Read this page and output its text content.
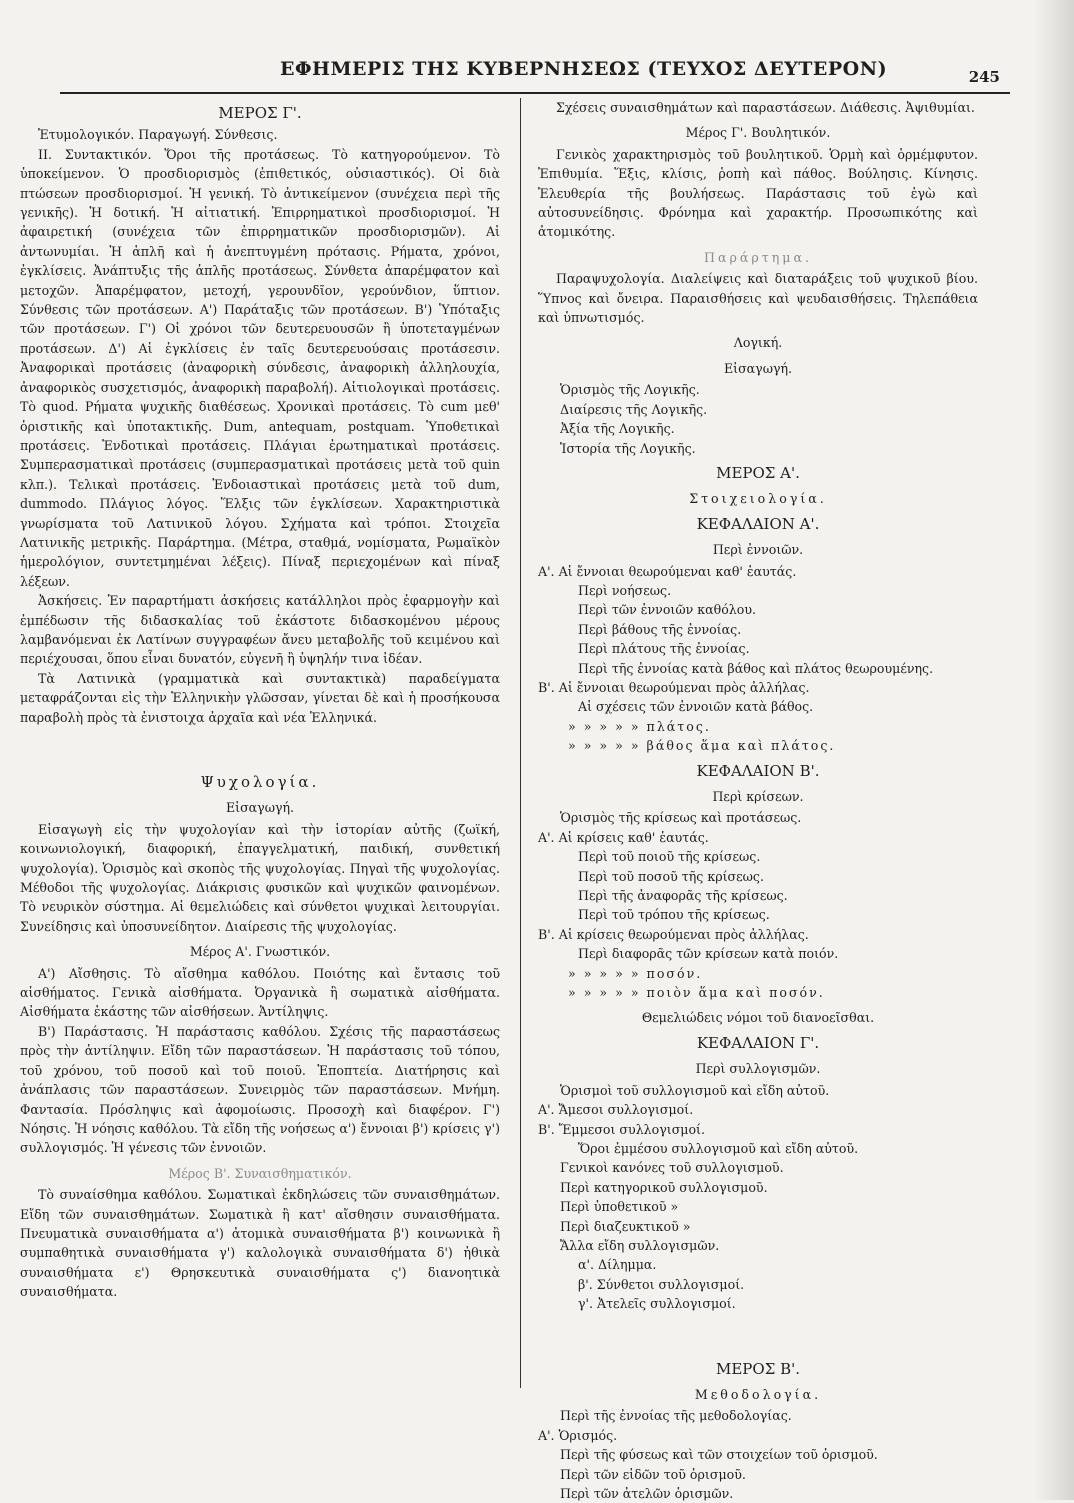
ΕΦΗΜΕΡΙΣ ΤΗΣ ΚΥΒΕΡΝΗΣΕΩΣ (ΤΕΥΧΟΣ ΔΕΥΤΕΡΟΝ)	245
ΜΕΡΟΣ Γ'.

Ἐτυμολογικόν. Παραγωγή. Σύνθεσις.

ΙΙ. Συντακτικόν. Ὅροι τῆς προτάσεως. Τὸ κατηγορούμενον. Τὸ ὑποκείμενον. Ὁ προσδιορισμὸς (ἐπιθετικός, οὐσιαστικός). Οἱ διὰ πτώσεων προσδιορισμοί. Ἡ γενική. Τὸ ἀντικείμενον (συνέχεια περὶ τῆς γενικῆς). Ἡ δοτική. Ἡ αἰτιατική. Ἐπιρρηματικοὶ προσδιορισμοί. Ἡ ἀφαιρετική (συνέχεια τῶν ἐπιρρηματικῶν προσδιορισμῶν). Αἱ ἀντωνυμίαι. Ἡ ἁπλῆ καὶ ἡ ἀνεπτυγμένη πρότασις. Ρήματα, χρόνοι, ἐγκλίσεις. Ἀνάπτυξις τῆς ἁπλῆς προτάσεως. Σύνθετα ἀπαρέμφατον καὶ μετοχῶν. Ἀπαρέμφατον, μετοχή, γερουνδῖον, γερούνδιον, ὕπτιον. Σύνθεσις τῶν προτάσεων. Α') Παράταξις τῶν προτάσεων. Β') Ὑπόταξις τῶν προτάσεων. Γ') Οἱ χρόνοι τῶν δευτερευουσῶν ἢ ὑποτεταγμένων προτάσεων. Δ') Αἱ ἐγκλίσεις ἐν ταῖς δευτερευούσαις προτάσεσιν. Ἀναφορικαὶ προτάσεις (ἀναφορικὴ σύνδεσις, ἀναφορικὴ ἀλληλουχία, ἀναφορικὸς συσχετισμός, ἀναφορικὴ παραβολή). Αἰτιολογικαὶ προτάσεις. Τὸ quod. Ρήματα ψυχικῆς διαθέσεως. Χρονικαὶ προτάσεις. Τὸ cum μεθ' ὁριστικῆς καὶ ὑποτακτικῆς. Dum, antequam, postquam. Ὑποθετικαὶ προτάσεις. Ἐνδοτικαὶ προτάσεις. Πλάγιαι ἐρωτηματικαὶ προτάσεις. Συμπερασματικαὶ προτάσεις (συμπερασματικαὶ προτάσεις μετὰ τοῦ quin κλπ.). Τελικαὶ προτάσεις. Ἐνδοιαστικαὶ προτάσεις μετὰ τοῦ dum, dummodo. Πλάγιος λόγος. Ἕλξις τῶν ἐγκλίσεων. Χαρακτηριστικὰ γνωρίσματα τοῦ Λατινικοῦ λόγου. Σχήματα καὶ τρόποι. Στοιχεῖα Λατινικῆς μετρικῆς. Παράρτημα. (Μέτρα, σταθμά, νομίσματα, Ρωμαϊκὸν ἡμερολόγιον, συντετμημέναι λέξεις). Πίναξ περιεχομένων καὶ πίναξ λέξεων.

Ἀσκήσεις. Ἐν παραρτήματι ἀσκήσεις κατάλληλοι πρὸς ἐφαρμογὴν καὶ ἐμπέδωσιν τῆς διδασκαλίας τοῦ ἑκάστοτε διδασκομένου μέρους λαμβανόμεναι ἐκ Λατίνων συγγραφέων ἄνευ μεταβολῆς τοῦ κειμένου καὶ περιέχουσαι, ὅπου εἶναι δυνατόν, εὐγενῆ ἢ ὑψηλήν τινα ἰδέαν.

Τὰ Λατινικὰ (γραμματικὰ καὶ συντακτικὰ) παραδείγματα μεταφράζονται εἰς τὴν Ἑλληνικὴν γλῶσσαν, γίνεται δὲ καὶ ἡ προσήκουσα παραβολὴ πρὸς τὰ ἐνιστοιχα ἀρχαῖα καὶ νέα Ἑλληνικά.

Ψυχολογία.
Εἰσαγωγή.

Εἰσαγωγὴ εἰς τὴν ψυχολογίαν καὶ τὴν ἱστορίαν αὐτῆς (ζωϊκή, κοινωνιολογική, διαφορική, ἐπαγγελματική, παιδική, συνθετική ψυχολογία). Ὁρισμὸς καὶ σκοπὸς τῆς ψυχολογίας. Πηγαὶ τῆς ψυχολογίας. Μέθοδοι τῆς ψυχολογίας. Διάκρισις φυσικῶν καὶ ψυχικῶν φαινομένων. Τὸ νευρικὸν σύστημα. Αἱ θεμελιώδεις καὶ σύνθετοι ψυχικαὶ λειτουργίαι. Συνείδησις καὶ ὑποσυνείδητον. Διαίρεσις τῆς ψυχολογίας.

Μέρος Α'. Γνωστικόν.

Α') Αἴσθησις. Τὸ αἴσθημα καθόλου. Ποιότης καὶ ἔντασις τοῦ αἰσθήματος. Γενικὰ αἰσθήματα. Ὀργανικὰ ἢ σωματικὰ αἰσθήματα. Αἰσθήματα ἑκάστης τῶν αἰσθήσεων. Ἀντίληψις.

Β') Παράστασις. Ἡ παράστασις καθόλου. Σχέσις τῆς παραστάσεως πρὸς τὴν ἀντίληψιν. Εἴδη τῶν παραστάσεων. Ἡ παράστασις τοῦ τόπου, τοῦ χρόνου, τοῦ ποσοῦ καὶ τοῦ ποιοῦ. Ἐποπτεία. Διατήρησις καὶ ἀνάπλασις τῶν παραστάσεων. Συνειρμὸς τῶν παραστάσεων. Μνήμη. Φαντασία. Πρόσληψις καὶ ἀφομοίωσις. Προσοχὴ καὶ διαφέρον. Γ') Νόησις. Ἡ νόησις καθόλου. Τὰ εἴδη τῆς νοήσεως α') ἔννοιαι β') κρίσεις γ') συλλογισμός. Ἡ γένεσις τῶν ἐννοιῶν.

Μέρος Β'. Συναισθηματικόν.

Τὸ συναίσθημα καθόλου. Σωματικαὶ ἐκδηλώσεις τῶν συναισθημάτων. Εἴδη τῶν συναισθημάτων. Σωματικὰ ἢ κατ' αἴσθησιν συναισθήματα. Πνευματικὰ συναισθήματα α') ἀτομικὰ συναισθήματα β') κοινωνικὰ ἢ συμπαθητικὰ συναισθήματα γ') καλολογικὰ συναισθήματα δ') ἠθικὰ συναισθήματα ε') Θρησκευτικὰ συναισθήματα ς') διανοητικὰ συναισθήματα.

Σχέσεις συναισθημάτων καὶ παραστάσεων. Διάθεσις. Ἀψιθυμίαι.

Μέρος Γ'. Βουλητικόν.

Γενικὸς χαρακτηρισμὸς τοῦ βουλητικοῦ. Ὁρμὴ καὶ ὁρμέμφυτον. Ἐπιθυμία. Ἕξις, κλίσις, ῥοπὴ καὶ πάθος. Βούλησις. Κίνησις. Ἐλευθερία τῆς βουλήσεως. Παράστασις τοῦ ἐγὼ καὶ αὐτοσυνείδησις. Φρόνημα καὶ χαρακτήρ. Προσωπικότης καὶ ἀτομικότης.

Παράρτημα.

Παραψυχολογία. Διαλείψεις καὶ διαταράξεις τοῦ ψυχικοῦ βίου. Ὕπνος καὶ ὄνειρα. Παραισθήσεις καὶ ψευδαισθήσεις. Τηλεπάθεια καὶ ὑπνωτισμός.

Λογική.
Εἰσαγωγή.
Ὁρισμὸς τῆς Λογικῆς.
Διαίρεσις τῆς Λογικῆς.
Ἀξία τῆς Λογικῆς.
Ἱστορία τῆς Λογικῆς.
ΜΕΡΟΣ Α'.
Στοιχειολογία.
ΚΕΦΑΛΑΙΟΝ Α'.
Περὶ ἐννοιῶν.
Α'. Αἱ ἔννοιαι θεωρούμεναι καθ' ἑαυτάς.
Περὶ νοήσεως.
Περὶ τῶν ἐννοιῶν καθόλου.
Περὶ βάθους τῆς ἐννοίας.
Περὶ πλάτους τῆς ἐννοίας.
Περὶ τῆς ἐννοίας κατὰ βάθος καὶ πλάτος θεωρουμένης.
Β'. Αἱ ἔννοιαι θεωρούμεναι πρὸς ἀλλήλας.
Αἱ σχέσεις τῶν ἐννοιῶν κατὰ βάθος.
» » » » » πλάτος.
» » » » » βάθος ἅμα καὶ πλάτος.
ΚΕΦΑΛΑΙΟΝ Β'.
Περὶ κρίσεων.
Ὁρισμὸς τῆς κρίσεως καὶ προτάσεως.
Α'. Αἱ κρίσεις καθ' ἑαυτάς.
Περὶ τοῦ ποιοῦ τῆς κρίσεως.
Περὶ τοῦ ποσοῦ τῆς κρίσεως.
Περὶ τῆς ἀναφορᾶς τῆς κρίσεως.
Περὶ τοῦ τρόπου τῆς κρίσεως.
Β'. Αἱ κρίσεις θεωρούμεναι πρὸς ἀλλήλας.
Περὶ διαφορᾶς τῶν κρίσεων κατὰ ποιόν.
» » » » » ποσόν.
» » » » » ποιὸν ἅμα καὶ ποσόν.
Θεμελιώδεις νόμοι τοῦ διανοεῖσθαι.
ΚΕΦΑΛΑΙΟΝ Γ'.
Περὶ συλλογισμῶν.
Ὁρισμοὶ τοῦ συλλογισμοῦ καὶ εἴδη αὐτοῦ.
Α'. Ἄμεσοι συλλογισμοί.
Β'. Ἔμμεσοι συλλογισμοί.
Ὅροι ἐμμέσου συλλογισμοῦ καὶ εἴδη αὐτοῦ.
Γενικοὶ κανόνες τοῦ συλλογισμοῦ.
Περὶ κατηγορικοῦ συλλογισμοῦ.
Περὶ ὑποθετικοῦ »
Περὶ διαζευκτικοῦ »
Ἄλλα εἴδη συλλογισμῶν.
α'. Δίλημμα.
β'. Σύνθετοι συλλογισμοί.
γ'. Ἀτελεῖς συλλογισμοί.
ΜΕΡΟΣ Β'.
Μεθοδολογία.
Περὶ τῆς ἐννοίας τῆς μεθοδολογίας.
Α'. Ὁρισμός.
Περὶ τῆς φύσεως καὶ τῶν στοιχείων τοῦ ὁρισμοῦ.
Περὶ τῶν εἰδῶν τοῦ ὁρισμοῦ.
Περὶ τῶν ἀτελῶν ὁρισμῶν.
